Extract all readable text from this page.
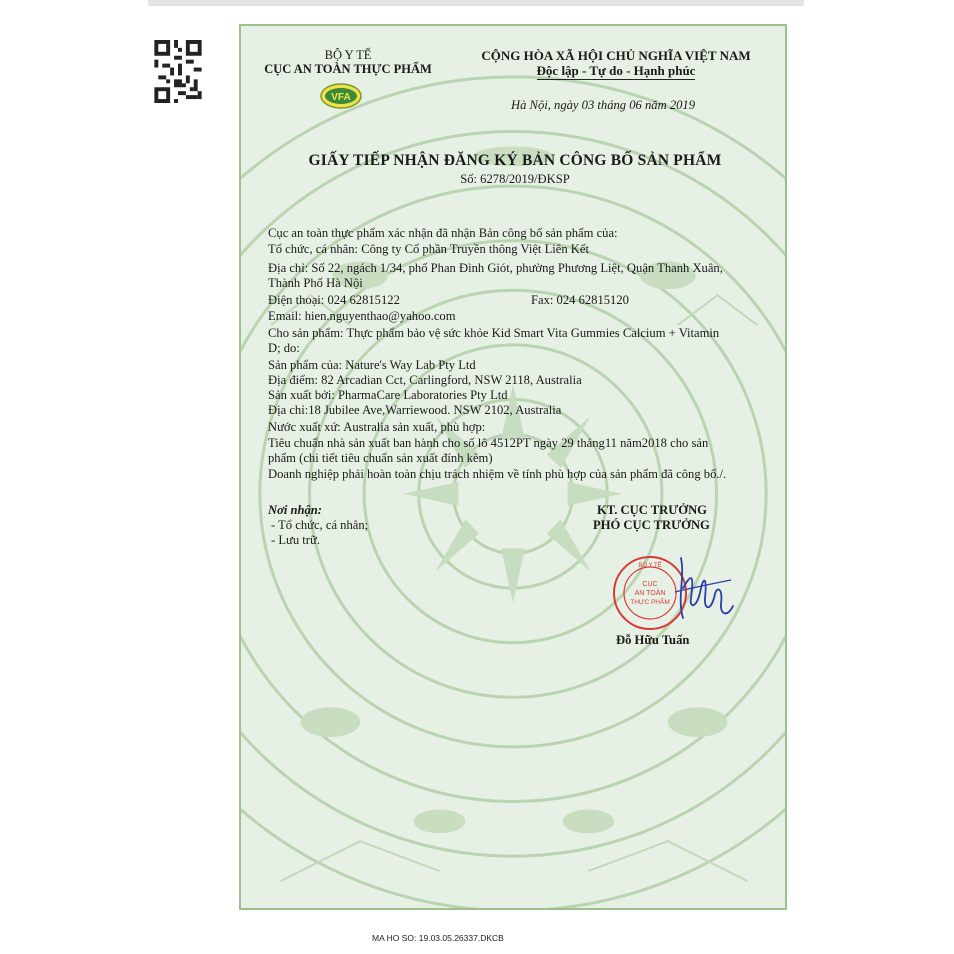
VFA
BỘ Y TẾ
CỤC AN TOÀN THỰC PHẨM
CỘNG HÒA XÃ HỘI CHỦ NGHĨA VIỆT NAM
Độc lập - Tự do - Hạnh phúc
Hà Nội, ngày 03 tháng 06 năm 2019
GIẤY TIẾP NHẬN ĐĂNG KÝ BẢN CÔNG BỐ SẢN PHẨM
Số: 6278/2019/ĐKSP
Cục an toàn thực phẩm xác nhận đã nhận Bản công bố sản phẩm của:
Tổ chức, cá nhân: Công ty Cổ phần Truyền thông Việt Liên Kết
Địa chỉ: Số 22, ngách 1/34, phố Phan Đình Giót, phường Phương Liệt, Quận Thanh Xuân,
Thành Phố Hà Nội
Điện thoại: 024 62815122	Fax: 024 62815120
Email: hien.nguyenthao@yahoo.com
Cho sản phẩm: Thực phẩm bảo vệ sức khỏe Kid Smart Vita Gummies Calcium + Vitamin
D; do:
Sản phẩm của: Nature's Way Lab Pty Ltd
Địa điểm: 82 Arcadian Cct, Carlingford, NSW 2118, Australia
Sản xuất bởi: PharmaCare Laboratories Pty Ltd
Địa chỉ:18 Jubilee Ave,Warriewood. NSW 2102, Australia
Nước xuất xứ: Australia sản xuất, phù hợp:
Tiêu chuẩn nhà sản xuất ban hành cho số lô 4512PT ngày 29 tháng11 năm2018 cho sản
phẩm (chi tiết tiêu chuẩn sản xuất đính kèm)
Doanh nghiệp phải hoàn toàn chịu trách nhiệm về tính phù hợp của sản phẩm đã công bố./.
Nơi nhận:
- Tổ chức, cá nhân;
- Lưu trữ.
KT. CỤC TRƯỞNG
PHÓ CỤC TRƯỞNG
Đỗ Hữu Tuấn
BỘ Y TẾ
CỤC
AN TOÀN
THỰC PHẨM
MA HO SO: 19.03.05.26337.DKCB
